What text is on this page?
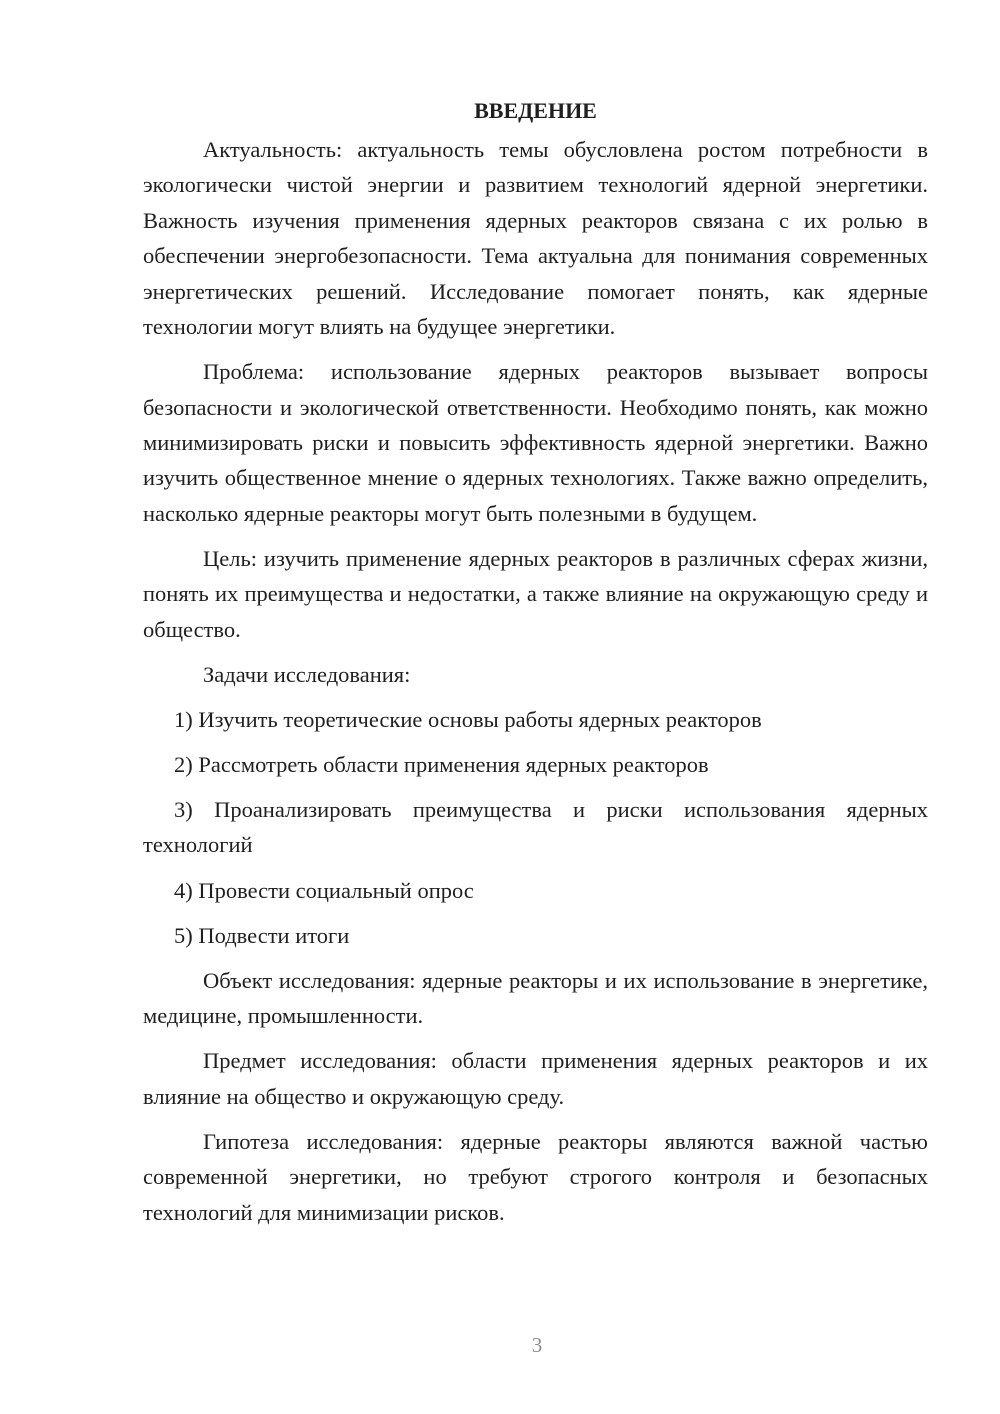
ВВЕДЕНИЕ

Актуальность: актуальность темы обусловлена ростом потребности в экологически чистой энергии и развитием технологий ядерной энергетики. Важность изучения применения ядерных реакторов связана с их ролью в обеспечении энергобезопасности. Тема актуальна для понимания современных энергетических решений. Исследование помогает понять, как ядерные технологии могут влиять на будущее энергетики.

Проблема: использование ядерных реакторов вызывает вопросы безопасности и экологической ответственности. Необходимо понять, как можно минимизировать риски и повысить эффективность ядерной энергетики. Важно изучить общественное мнение о ядерных технологиях. Также важно определить, насколько ядерные реакторы могут быть полезными в будущем.

Цель: изучить применение ядерных реакторов в различных сферах жизни, понять их преимущества и недостатки, а также влияние на окружающую среду и общество.

Задачи исследования:

1) Изучить теоретические основы работы ядерных реакторов

2) Рассмотреть области применения ядерных реакторов

3) Проанализировать преимущества и риски использования ядерных технологий

4) Провести социальный опрос

5) Подвести итоги

Объект исследования: ядерные реакторы и их использование в энергетике, медицине, промышленности.

Предмет исследования: области применения ядерных реакторов и их влияние на общество и окружающую среду.

Гипотеза исследования: ядерные реакторы являются важной частью современной энергетики, но требуют строгого контроля и безопасных технологий для минимизации рисков.

3
